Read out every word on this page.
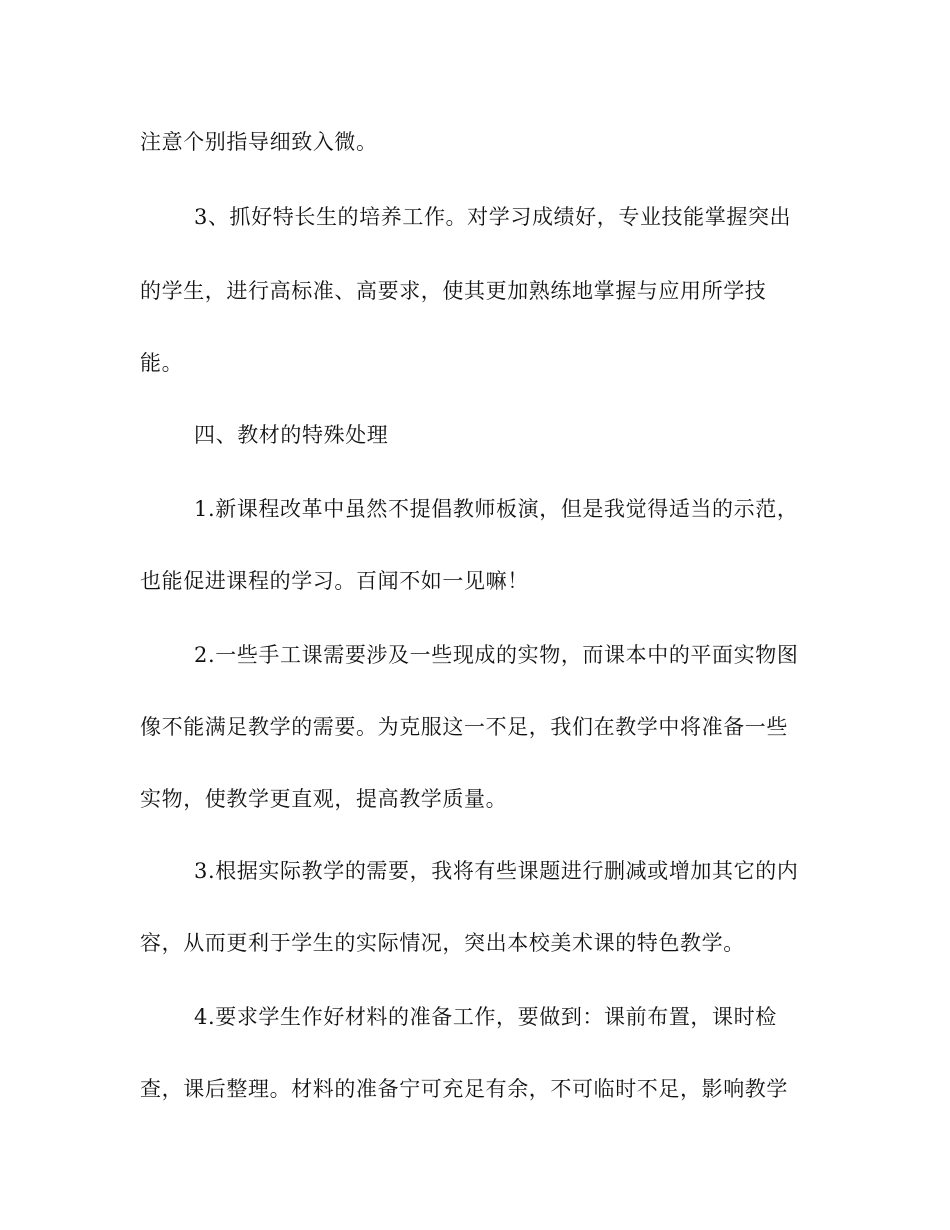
注意个别指导细致入微。
3、抓好特长生的培养工作。对学习成绩好，专业技能掌握突出
的学生，进行高标准、高要求，使其更加熟练地掌握与应用所学技
能。
四、教材的特殊处理
1.新课程改革中虽然不提倡教师板演，但是我觉得适当的示范，
也能促进课程的学习。百闻不如一见嘛！
2.一些手工课需要涉及一些现成的实物，而课本中的平面实物图
像不能满足教学的需要。为克服这一不足，我们在教学中将准备一些
实物，使教学更直观，提高教学质量。
3.根据实际教学的需要，我将有些课题进行删减或增加其它的内
容，从而更利于学生的实际情况，突出本校美术课的特色教学。
4.要求学生作好材料的准备工作，要做到：课前布置，课时检
查，课后整理。材料的准备宁可充足有余，不可临时不足，影响教学
